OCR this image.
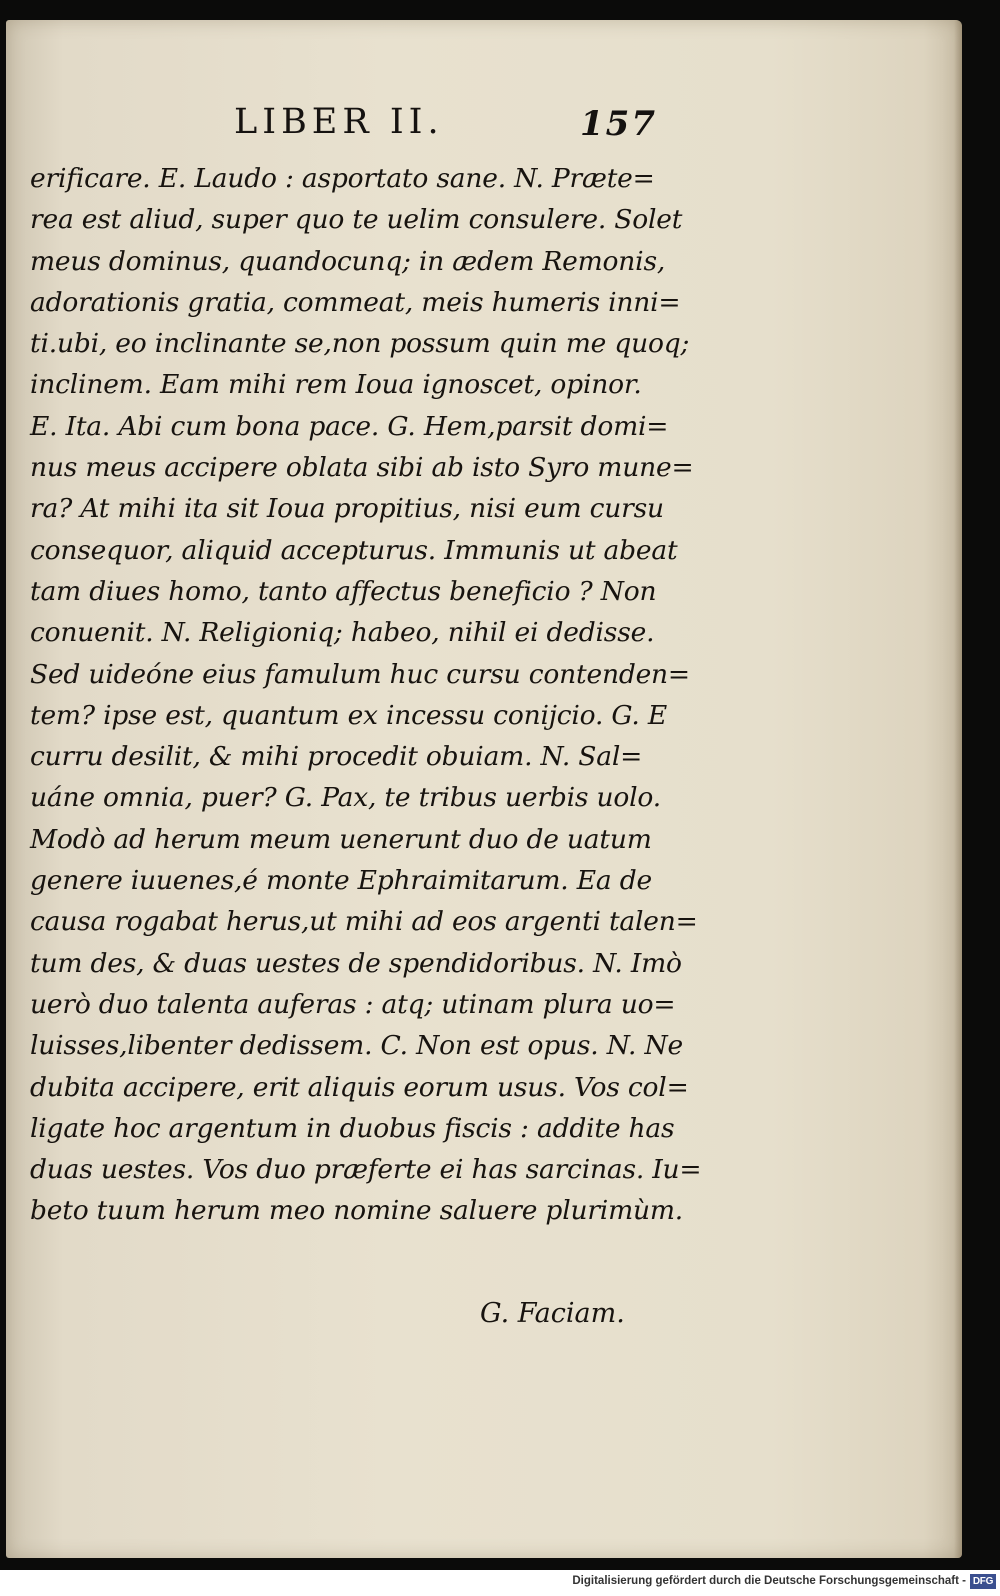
LIBER II.	157
erificare. E. Laudo : asportato sane. N. Præte=
rea est aliud, super quo te uelim consulere. Solet
meus dominus, quandocunq; in ædem Remonis,
adorationis gratia, commeat, meis humeris inni=
ti.ubi, eo inclinante se,non possum quin me quoq;
inclinem. Eam mihi rem Ioua ignoscet, opinor.
E. Ita. Abi cum bona pace. G. Hem,parsit domi=
nus meus accipere oblata sibi ab isto Syro mune=
ra? At mihi ita sit Ioua propitius, nisi eum cursu
consequor, aliquid accepturus. Immunis ut abeat
tam diues homo, tanto affectus beneficio ? Non
conuenit. N. Religioniq; habeo, nihil ei dedisse.
Sed uideóne eius famulum huc cursu contenden=
tem? ipse est, quantum ex incessu conijcio. G. E
curru desilit, & mihi procedit obuiam. N. Sal=
uáne omnia, puer? G. Pax, te tribus uerbis uolo.
Modò ad herum meum uenerunt duo de uatum
genere iuuenes,é monte Ephraimitarum. Ea de
causa rogabat herus,ut mihi ad eos argenti talen=
tum des, & duas uestes de spendidoribus. N. Imò
uerò duo talenta auferas : atq; utinam plura uo=
luisses,libenter dedissem. C. Non est opus. N. Ne
dubita accipere, erit aliquis eorum usus. Vos col=
ligate hoc argentum in duobus fiscis : addite has
duas uestes. Vos duo præferte ei has sarcinas. Iu=
beto tuum herum meo nomine saluere plurimùm.
G. Faciam.
Digitalisierung gefördert durch die Deutsche Forschungsgemeinschaft - DFG
